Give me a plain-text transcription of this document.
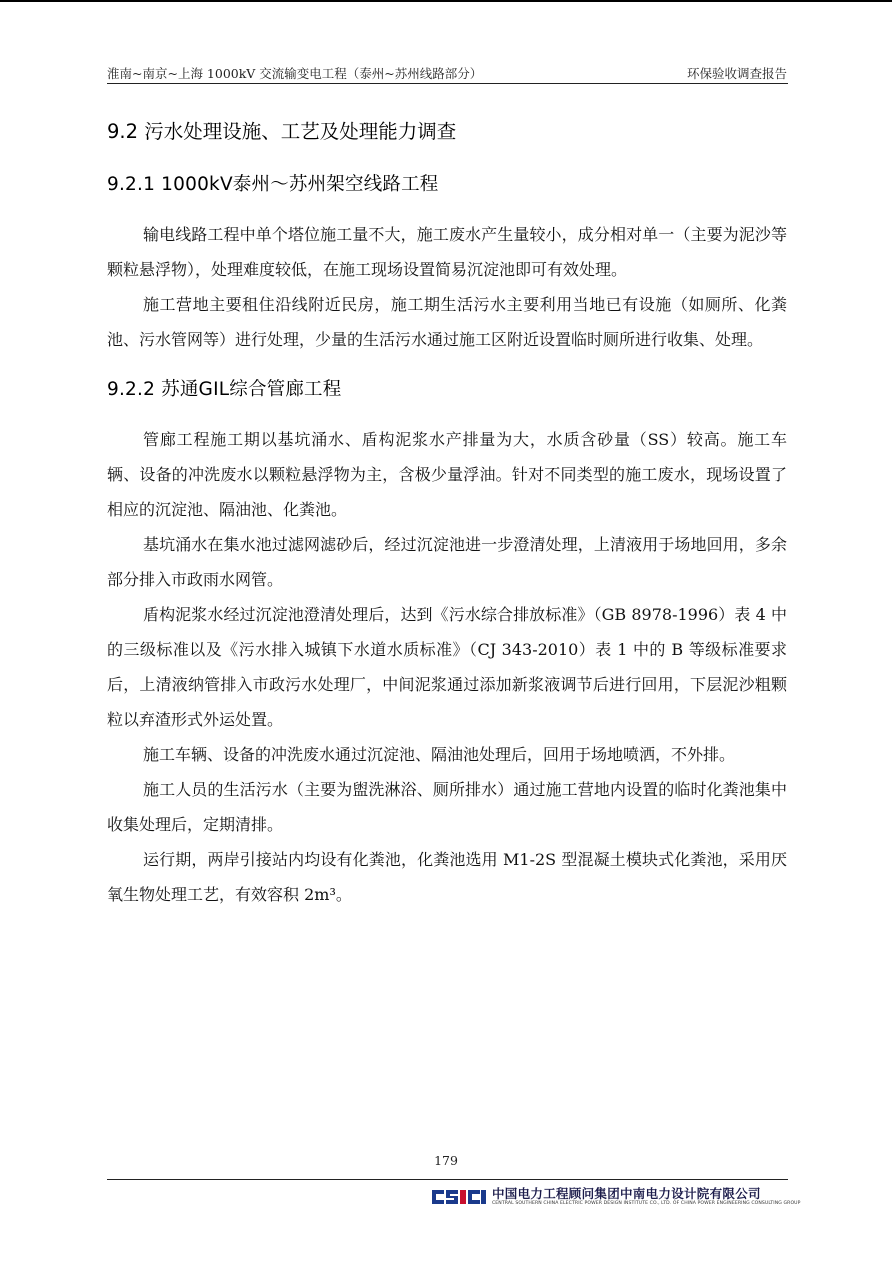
淮南~南京~上海 1000kV 交流输变电工程（泰州~苏州线路部分）	环保验收调查报告
9.2 污水处理设施、工艺及处理能力调查
9.2.1 1000kV泰州～苏州架空线路工程

输电线路工程中单个塔位施工量不大，施工废水产生量较小，成分相对单一（主要为泥沙等颗粒悬浮物），处理难度较低，在施工现场设置简易沉淀池即可有效处理。

施工营地主要租住沿线附近民房，施工期生活污水主要利用当地已有设施（如厕所、化粪池、污水管网等）进行处理，少量的生活污水通过施工区附近设置临时厕所进行收集、处理。

9.2.2 苏通GIL综合管廊工程

管廊工程施工期以基坑涌水、盾构泥浆水产排量为大，水质含砂量（SS）较高。施工车辆、设备的冲洗废水以颗粒悬浮物为主，含极少量浮油。针对不同类型的施工废水，现场设置了相应的沉淀池、隔油池、化粪池。

基坑涌水在集水池过滤网滤砂后，经过沉淀池进一步澄清处理，上清液用于场地回用，多余部分排入市政雨水网管。

盾构泥浆水经过沉淀池澄清处理后，达到《污水综合排放标准》（GB 8978-1996）表 4 中的三级标准以及《污水排入城镇下水道水质标准》（CJ 343-2010）表 1 中的 B 等级标准要求后，上清液纳管排入市政污水处理厂，中间泥浆通过添加新浆液调节后进行回用，下层泥沙粗颗粒以弃渣形式外运处置。

施工车辆、设备的冲洗废水通过沉淀池、隔油池处理后，回用于场地喷洒，不外排。

施工人员的生活污水（主要为盥洗淋浴、厕所排水）通过施工营地内设置的临时化粪池集中收集处理后，定期清排。

运行期，两岸引接站内均设有化粪池，化粪池选用 M1-2S 型混凝土模块式化粪池，采用厌氧生物处理工艺，有效容积 2m³。

179
中国电力工程顾问集团中南电力设计院有限公司
CENTRAL SOUTHERN CHINA ELECTRIC POWER DESIGN INSTITUTE CO., LTD. OF CHINA POWER ENGINEERING CONSULTING GROUP
